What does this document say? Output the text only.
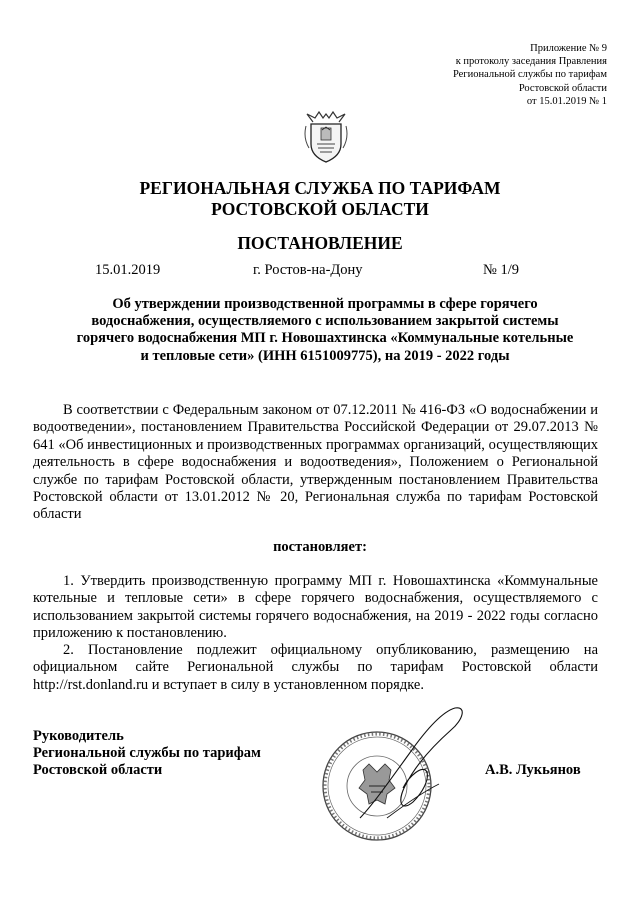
Приложение № 9
к протоколу заседания Правления
Региональной службы по тарифам
Ростовской области
от 15.01.2019 № 1
РЕГИОНАЛЬНАЯ СЛУЖБА ПО ТАРИФАМ
РОСТОВСКОЙ ОБЛАСТИ
ПОСТАНОВЛЕНИЕ
15.01.2019	г. Ростов-на-Дону	№ 1/9
Об утверждении производственной программы в сфере горячего
водоснабжения, осуществляемого с использованием закрытой системы
горячего водоснабжения МП г. Новошахтинска «Коммунальные котельные
и тепловые сети» (ИНН 6151009775), на 2019 - 2022 годы
В соответствии с Федеральным законом от 07.12.2011 № 416-ФЗ «О водоснабжении и водоотведении», постановлением Правительства Российской Федерации от 29.07.2013 № 641 «Об инвестиционных и производственных программах организаций, осуществляющих деятельность в сфере водоснабжения и водоотведения», Положением о Региональной службе по тарифам Ростовской области, утвержденным постановлением Правительства Ростовской области от 13.01.2012 № 20, Региональная служба по тарифам Ростовской области
постановляет:
1. Утвердить производственную программу МП г. Новошахтинска «Коммунальные котельные и тепловые сети» в сфере горячего водоснабжения, осуществляемого с использованием закрытой системы горячего водоснабжения, на 2019 - 2022 годы согласно приложению к постановлению.
2. Постановление подлежит официальному опубликованию, размещению на официальном сайте Региональной службы по тарифам Ростовской области http://rst.donland.ru и вступает в силу в установленном порядке.
Руководитель
Региональной службы по тарифам
Ростовской области	А.В. Лукьянов
